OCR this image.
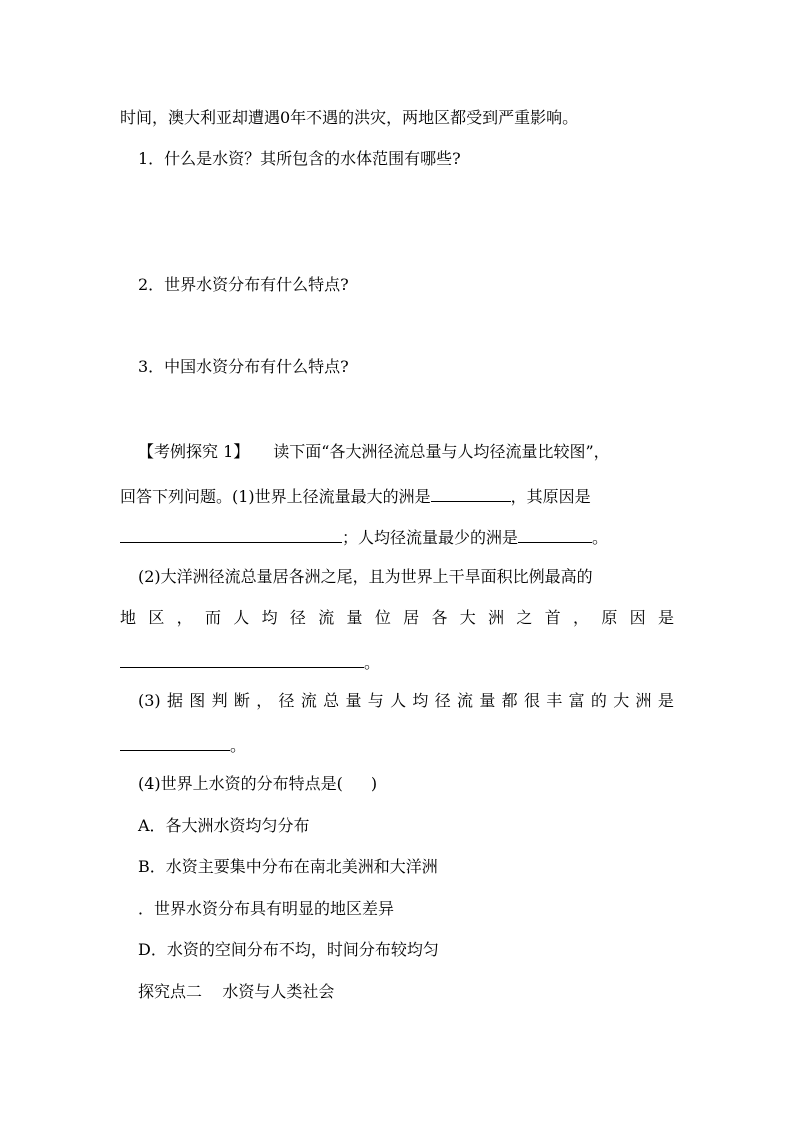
时间，澳大利亚却遭遇0年不遇的洪灾，两地区都受到严重影响。
1．什么是水资？其所包含的水体范围有哪些?
2．世界水资分布有什么特点?
3．中国水资分布有什么特点?
【考例探究 1】 读下面“各大洲径流总量与人均径流量比较图”，
回答下列问题。(1)世界上径流量最大的洲是	，其原因是
；人均径流量最少的洲是	。
(2)大洋洲径流总量居各洲之尾，且为世界上干旱面积比例最高的
地 区 ， 而 人 均 径 流 量 位 居 各 大 洲 之 首 ， 原 因 是
。
(3) 据 图 判 断 ， 径 流 总 量 与 人 均 径 流 量 都 很 丰 富 的 大 洲 是
。
(4)世界上水资的分布特点是( )
A．各大洲水资均匀分布
B．水资主要集中分布在南北美洲和大洋洲
．世界水资分布具有明显的地区差异
D．水资的空间分布不均，时间分布较均匀
探究点二    水资与人类社会
